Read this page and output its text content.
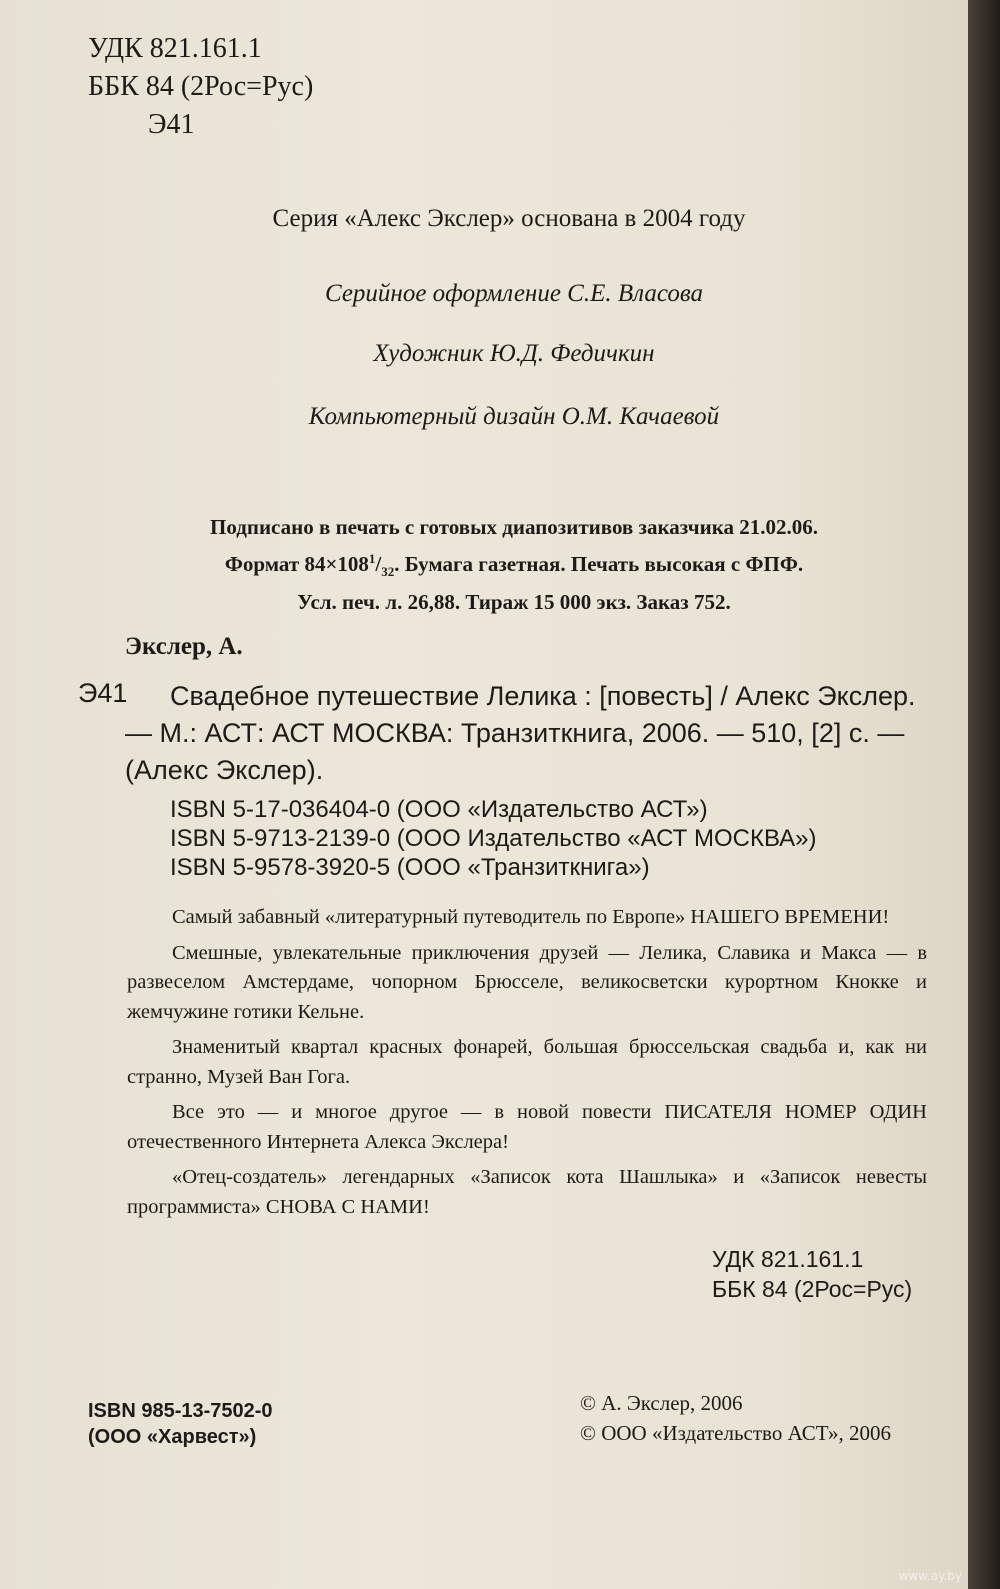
УДК 821.161.1
ББК 84 (2Рос=Рус)
Э41
Серия «Алекс Экслер» основана в 2004 году
Серийное оформление С.Е. Власова
Художник Ю.Д. Федичкин
Компьютерный дизайн О.М. Качаевой
Подписано в печать с готовых диапозитивов заказчика 21.02.06.
Формат $84\times 108^1/_{32}$. Бумага газетная. Печать высокая с ФПФ.
Усл. печ. л. 26,88. Тираж 15 000 экз. Заказ 752.
Экслер, А.
Э41	Свадебное путешествие Лелика : [повесть] / Алекс Экслер. — М.: АСТ: АСТ МОСКВА: Транзиткнига, 2006. — 510, [2] с. — (Алекс Экслер).
ISBN 5-17-036404-0 (ООО «Издательство АСТ»)
ISBN 5-9713-2139-0 (ООО Издательство «АСТ МОСКВА»)
ISBN 5-9578-3920-5 (ООО «Транзиткнига»)

Самый забавный «литературный путеводитель по Европе» НАШЕГО ВРЕМЕНИ!

Смешные, увлекательные приключения друзей — Лелика, Славика и Макса — в развеселом Амстердаме, чопорном Брюсселе, великосветски курортном Кнокке и жемчужине готики Кельне.

Знаменитый квартал красных фонарей, большая брюссельская свадьба и, как ни странно, Музей Ван Гога.

Все это — и многое другое — в новой повести ПИСАТЕЛЯ НОМЕР ОДИН отечественного Интернета Алекса Экслера!

«Отец-создатель» легендарных «Записок кота Шашлыка» и «Записок невесты программиста» СНОВА С НАМИ!

УДК 821.161.1
ББК 84 (2Рос=Рус)
ISBN 985-13-7502-0
(ООО «Харвест»)
© А. Экслер, 2006
© ООО «Издательство АСТ», 2006
www.ay.by
